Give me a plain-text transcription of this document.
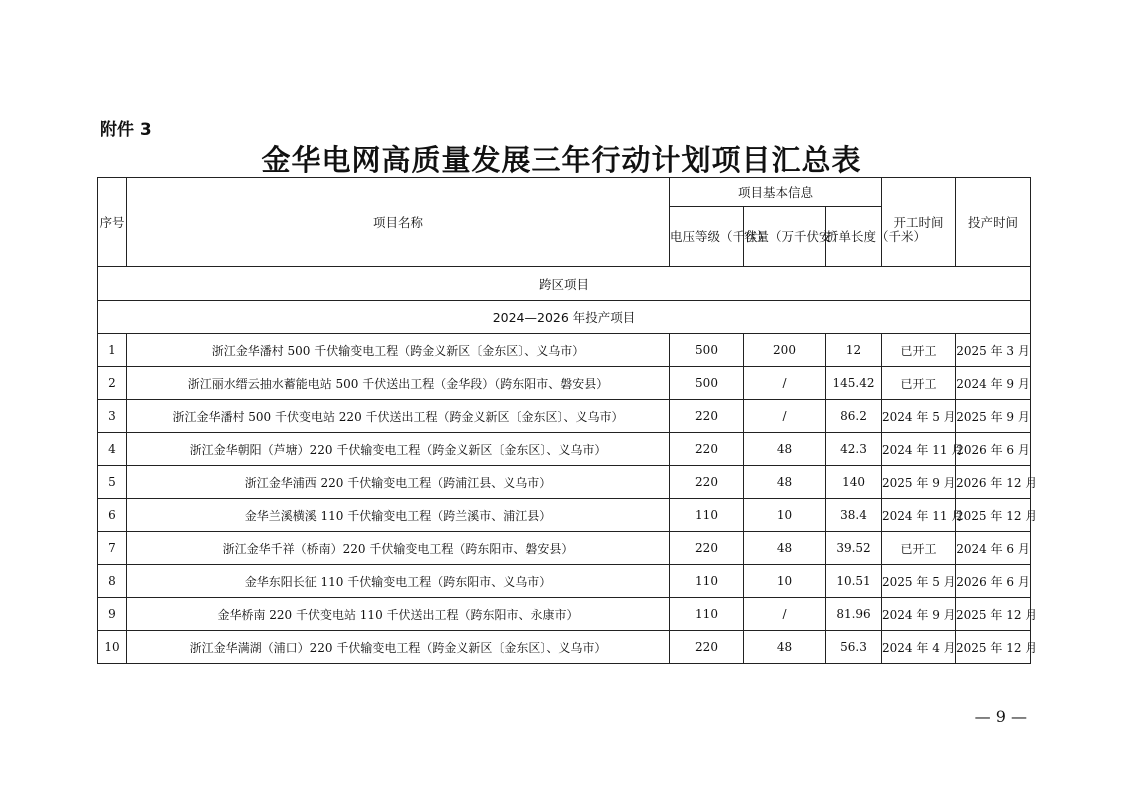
附件 3
金华电网高质量发展三年行动计划项目汇总表
序号	项目名称	项目基本信息			开工时间	投产时间
		电压等级（千伏）	容量（万千伏安）	折单长度（千米）		
跨区项目						
2024—2026 年投产项目						
1	浙江金华潘村 500 千伏输变电工程（跨金义新区〔金东区〕、义乌市）	500	200	12	已开工	2025 年 3 月
2	浙江丽水缙云抽水蓄能电站 500 千伏送出工程（金华段）（跨东阳市、磐安县）	500	/	145.42	已开工	2024 年 9 月
3	浙江金华潘村 500 千伏变电站 220 千伏送出工程（跨金义新区〔金东区〕、义乌市）	220	/	86.2	2024 年 5 月	2025 年 9 月
4	浙江金华朝阳（芦塘）220 千伏输变电工程（跨金义新区〔金东区〕、义乌市）	220	48	42.3	2024 年 11 月	2026 年 6 月
5	浙江金华浦西 220 千伏输变电工程（跨浦江县、义乌市）	220	48	140	2025 年 9 月	2026 年 12 月
6	金华兰溪横溪 110 千伏输变电工程（跨兰溪市、浦江县）	110	10	38.4	2024 年 11 月	2025 年 12 月
7	浙江金华千祥（桥南）220 千伏输变电工程（跨东阳市、磐安县）	220	48	39.52	已开工	2024 年 6 月
8	金华东阳长征 110 千伏输变电工程（跨东阳市、义乌市）	110	10	10.51	2025 年 5 月	2026 年 6 月
9	金华桥南 220 千伏变电站 110 千伏送出工程（跨东阳市、永康市）	110	/	81.96	2024 年 9 月	2025 年 12 月
10	浙江金华满湖（浦口）220 千伏输变电工程（跨金义新区〔金东区〕、义乌市）	220	48	56.3	2024 年 4 月	2025 年 12 月
— 9 —
